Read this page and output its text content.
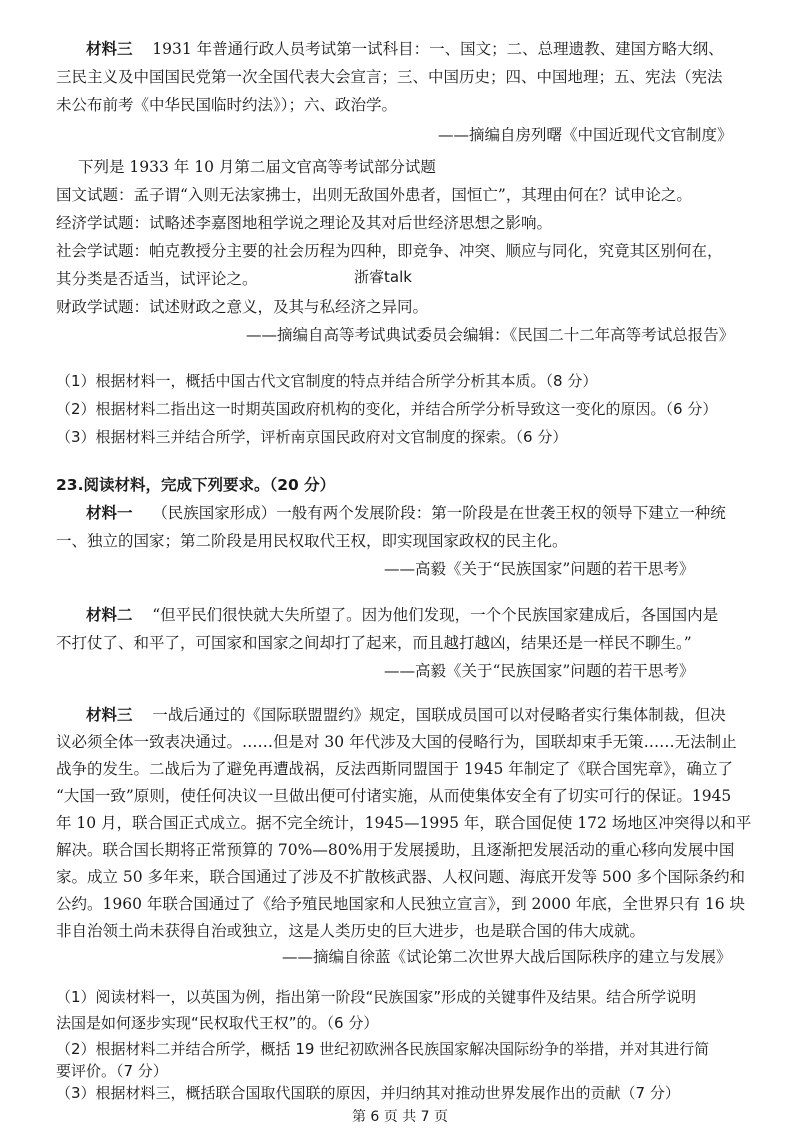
材料三 1931 年普通行政人员考试第一试科目：一、国文；二、总理遗教、建国方略大纲、
三民主义及中国国民党第一次全国代表大会宣言；三、中国历史；四、中国地理；五、宪法（宪法
未公布前考《中华民国临时约法》）；六、政治学。
——摘编自房列曙《中国近现代文官制度》
下列是 1933 年 10 月第二届文官高等考试部分试题
国文试题：孟子谓“入则无法家拂士，出则无敌国外患者，国恒亡”，其理由何在？试申论之。
经济学试题：试略述李嘉图地租学说之理论及其对后世经济思想之影响。
社会学试题：帕克教授分主要的社会历程为四种，即竞争、冲突、顺应与同化，究竟其区别何在，
其分类是否适当，试评论之。	浙睿talk
财政学试题：试述财政之意义，及其与私经济之异同。
——摘编自高等考试典试委员会编辑：《民国二十二年高等考试总报告》
（1）根据材料一，概括中国古代文官制度的特点并结合所学分析其本质。（8 分）
（2）根据材料二指出这一时期英国政府机构的变化，并结合所学分析导致这一变化的原因。（6 分）
（3）根据材料三并结合所学，评析南京国民政府对文官制度的探索。（6 分）
23.阅读材料，完成下列要求。（20 分）
材料一 （民族国家形成）一般有两个发展阶段：第一阶段是在世袭王权的领导下建立一种统
一、独立的国家；第二阶段是用民权取代王权，即实现国家政权的民主化。
——高毅《关于“民族国家”问题的若干思考》
材料二 “但平民们很快就大失所望了。因为他们发现，一个个民族国家建成后，各国国内是
不打仗了、和平了，可国家和国家之间却打了起来，而且越打越凶，结果还是一样民不聊生。”
——高毅《关于“民族国家”问题的若干思考》
材料三 一战后通过的《国际联盟盟约》规定，国联成员国可以对侵略者实行集体制裁，但决
议必须全体一致表决通过。……但是对 30 年代涉及大国的侵略行为，国联却束手无策……无法制止
战争的发生。二战后为了避免再遭战祸，反法西斯同盟国于 1945 年制定了《联合国宪章》，确立了
“大国一致”原则，使任何决议一旦做出便可付诸实施，从而使集体安全有了切实可行的保证。1945
年 10 月，联合国正式成立。据不完全统计，1945—1995 年，联合国促使 172 场地区冲突得以和平
解决。联合国长期将正常预算的 70%—80%用于发展援助，且逐渐把发展活动的重心移向发展中国
家。成立 50 多年来，联合国通过了涉及不扩散核武器、人权问题、海底开发等 500 多个国际条约和
公约。1960 年联合国通过了《给予殖民地国家和人民独立宣言》，到 2000 年底，全世界只有 16 块
非自治领土尚未获得自治或独立，这是人类历史的巨大进步，也是联合国的伟大成就。
——摘编自徐蓝《试论第二次世界大战后国际秩序的建立与发展》
（1）阅读材料一，以英国为例，指出第一阶段“民族国家”形成的关键事件及结果。结合所学说明
法国是如何逐步实现“民权取代王权”的。（6 分）
第 6 页 共 7 页
（2）根据材料二并结合所学，概括 19 世纪初欧洲各民族国家解决国际纷争的举措，并对其进行简
要评价。（7 分）
（3）根据材料三，概括联合国取代国联的原因，并归纳其对推动世界发展作出的贡献（7 分）
